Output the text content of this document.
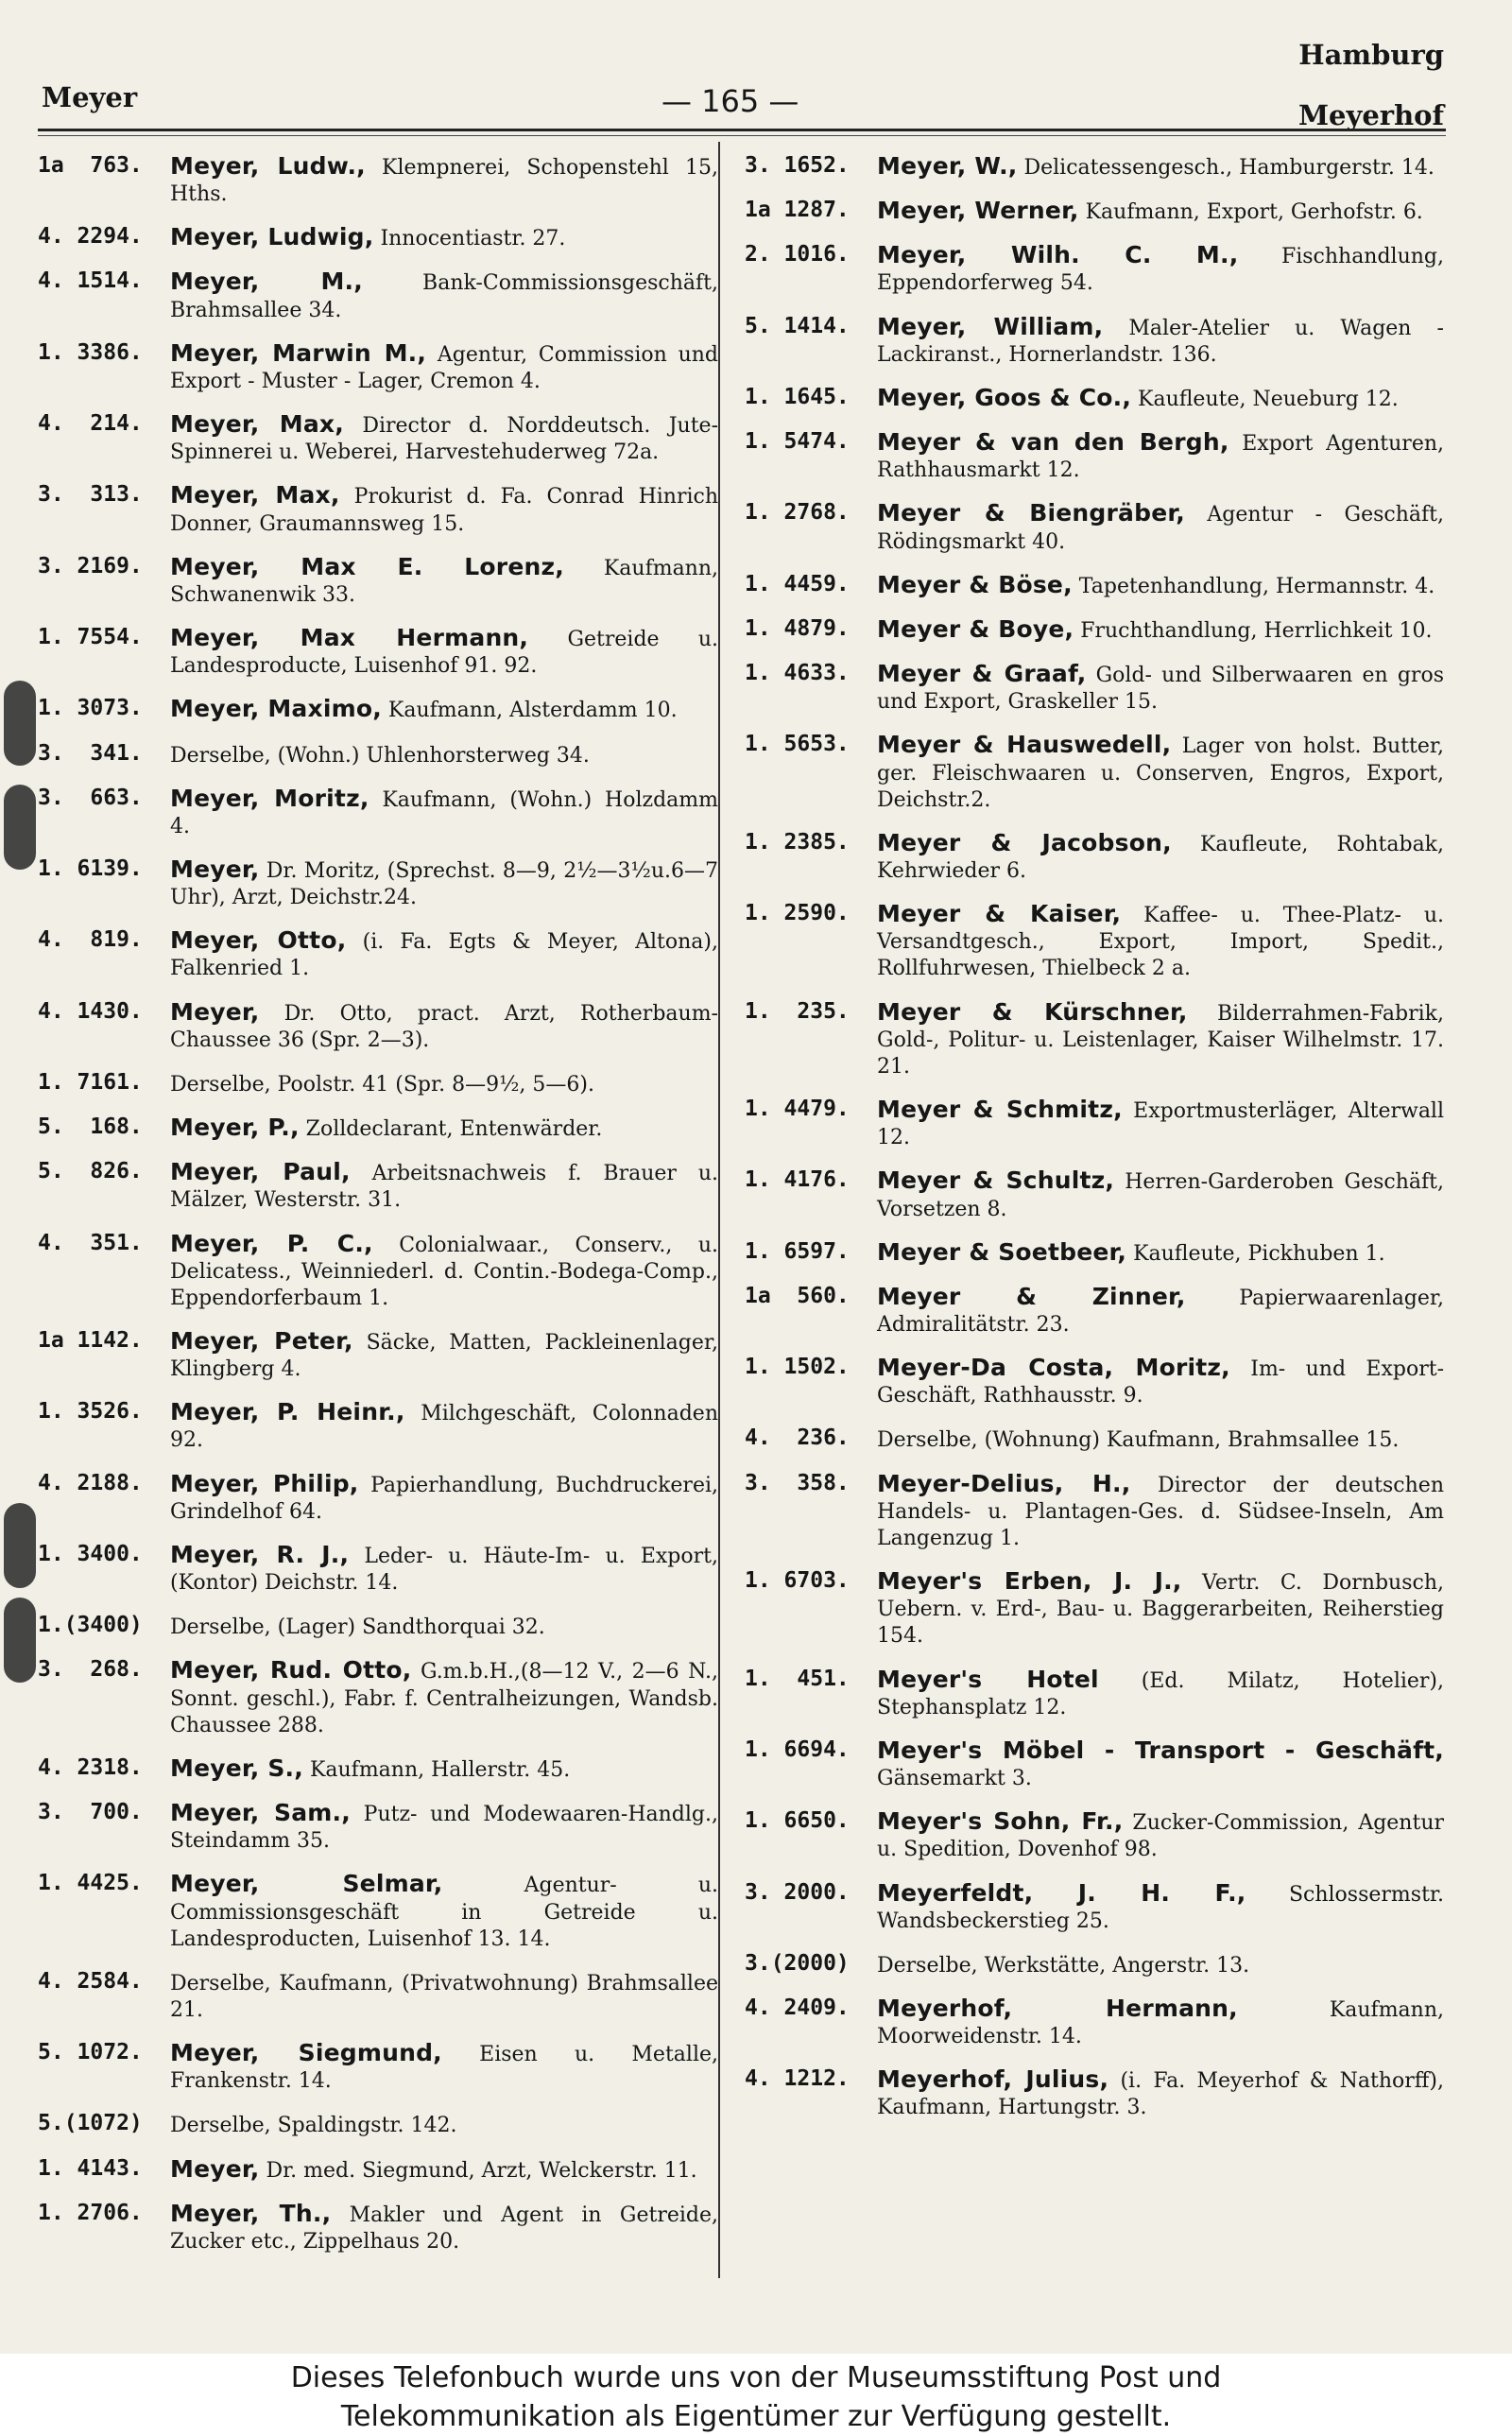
Hamburg
Meyerhof
Meyer	— 165 —
1a  763.	Meyer, Ludw., Klempnerei, Schopenstehl 15, Hths.
4. 2294.	Meyer, Ludwig, Innocentiastr. 27.
4. 1514.	Meyer, M.,	Bank-Commissionsgeschäft, Brahmsallee 34.
1. 3386.	Meyer, Marwin M., Agentur, Commission und Export - Muster - Lager, Cremon 4.
4.  214.	Meyer, Max, Director d. Norddeutsch. Jute-Spinnerei u. Weberei, Harvestehuderweg 72a.
3.  313.	Meyer, Max, Prokurist d. Fa. Conrad Hinrich Donner, Graumannsweg 15.
3. 2169.	Meyer, Max E. Lorenz, Kaufmann, Schwanenwik 33.
1. 7554.	Meyer, Max Hermann, Getreide u. Landesproducte, Luisenhof 91. 92.
1. 3073.	Meyer, Maximo, Kaufmann, Alsterdamm 10.
3.  341.	Derselbe, (Wohn.) Uhlenhorsterweg 34.
3.  663.	Meyer, Moritz, Kaufmann, (Wohn.) Holzdamm 4.
1. 6139.	Meyer, Dr. Moritz, (Sprechst. 8—9, 2½—3½u.6—7 Uhr), Arzt, Deichstr.24.
4.  819.	Meyer, Otto, (i. Fa. Egts & Meyer, Altona), Falkenried 1.
4. 1430.	Meyer, Dr. Otto, pract. Arzt, Rotherbaum-Chaussee 36 (Spr. 2—3).
1. 7161.	Derselbe, Poolstr. 41 (Spr. 8—9½, 5—6).
5.  168.	Meyer, P., Zolldeclarant, Entenwärder.
5.  826.	Meyer, Paul, Arbeitsnachweis f. Brauer u. Mälzer, Westerstr. 31.
4.  351.	Meyer, P. C., Colonialwaar., Conserv., u. Delicatess., Weinniederl. d. Contin.-Bodega-Comp., Eppendorferbaum 1.
1a 1142.	Meyer, Peter, Säcke, Matten, Packleinenlager, Klingberg 4.
1. 3526.	Meyer, P. Heinr., Milchgeschäft, Colonnaden 92.
4. 2188.	Meyer, Philip, Papierhandlung, Buchdruckerei, Grindelhof 64.
1. 3400.	Meyer, R. J., Leder- u. Häute-Im- u. Export, (Kontor) Deichstr. 14.
1.(3400)	Derselbe, (Lager) Sandthorquai 32.
3.  268.	Meyer, Rud. Otto, G.m.b.H.,(8—12 V., 2—6 N., Sonnt. geschl.), Fabr. f. Centralheizungen, Wandsb. Chaussee 288.
4. 2318.	Meyer, S., Kaufmann, Hallerstr. 45.
3.  700.	Meyer, Sam., Putz- und Modewaaren-Handlg., Steindamm 35.
1. 4425.	Meyer, Selmar,	Agentur- u. Commissionsgeschäft in Getreide u. Landesproducten, Luisenhof 13. 14.
4. 2584.	Derselbe, Kaufmann, (Privatwohnung) Brahmsallee 21.
5. 1072.	Meyer, Siegmund, Eisen u. Metalle, Frankenstr. 14.
5.(1072)	Derselbe, Spaldingstr. 142.
1. 4143.	Meyer, Dr. med. Siegmund, Arzt, Welckerstr. 11.
1. 2706.	Meyer, Th., Makler und Agent in Getreide, Zucker etc., Zippelhaus 20.
3. 1652.	Meyer, W., Delicatessengesch., Hamburgerstr. 14.
1a 1287.	Meyer, Werner, Kaufmann, Export, Gerhofstr. 6.
2. 1016.	Meyer, Wilh. C. M., Fischhandlung, Eppendorferweg 54.
5. 1414.	Meyer, William, Maler-Atelier u. Wagen - Lackiranst., Hornerlandstr. 136.
1. 1645.	Meyer, Goos & Co., Kaufleute, Neueburg 12.
1. 5474.	Meyer & van den Bergh, Export Agenturen, Rathhausmarkt 12.
1. 2768.	Meyer & Biengräber, Agentur - Geschäft, Rödingsmarkt 40.
1. 4459.	Meyer & Böse, Tapetenhandlung, Hermannstr. 4.
1. 4879.	Meyer & Boye, Fruchthandlung, Herrlichkeit 10.
1. 4633.	Meyer & Graaf, Gold- und Silberwaaren en gros und Export, Graskeller 15.
1. 5653.	Meyer & Hauswedell, Lager von holst. Butter, ger. Fleischwaaren u. Conserven, Engros, Export, Deichstr.2.
1. 2385.	Meyer & Jacobson, Kaufleute, Rohtabak, Kehrwieder 6.
1. 2590.	Meyer & Kaiser, Kaffee- u. Thee-Platz- u. Versandtgesch., Export, Import, Spedit., Rollfuhrwesen, Thielbeck 2 a.
1.  235.	Meyer & Kürschner, Bilderrahmen-Fabrik, Gold-, Politur- u. Leistenlager, Kaiser Wilhelmstr. 17. 21.
1. 4479.	Meyer & Schmitz, Exportmusterläger, Alterwall 12.
1. 4176.	Meyer & Schultz, Herren-Garderoben Geschäft, Vorsetzen 8.
1. 6597.	Meyer & Soetbeer, Kaufleute, Pickhuben 1.
1a  560.	Meyer & Zinner,	Papierwaarenlager, Admiralitätstr. 23.
1. 1502.	Meyer-Da Costa, Moritz, Im- und Export-Geschäft, Rathhausstr. 9.
4.  236.	Derselbe, (Wohnung) Kaufmann, Brahmsallee 15.
3.  358.	Meyer-Delius, H., Director der deutschen Handels- u. Plantagen-Ges. d. Südsee-Inseln, Am Langenzug 1.
1. 6703.	Meyer's Erben, J. J., Vertr. C. Dornbusch, Uebern. v. Erd-, Bau- u. Baggerarbeiten, Reiherstieg 154.
1.  451.	Meyer's Hotel (Ed. Milatz, Hotelier), Stephansplatz 12.
1. 6694.	Meyer's Möbel - Transport - Geschäft, Gänsemarkt 3.
1. 6650.	Meyer's Sohn, Fr., Zucker-Commission, Agentur u. Spedition, Dovenhof 98.
3. 2000.	Meyerfeldt, J. H. F., Schlossermstr. Wandsbeckerstieg 25.
3.(2000)	Derselbe, Werkstätte, Angerstr. 13.
4. 2409.	Meyerhof, Hermann,	Kaufmann, Moorweidenstr. 14.
4. 1212.	Meyerhof, Julius, (i. Fa. Meyerhof & Nathorff), Kaufmann, Hartungstr. 3.
Dieses Telefonbuch wurde uns von der Museumsstiftung Post und
Telekommunikation als Eigentümer zur Verfügung gestellt.
